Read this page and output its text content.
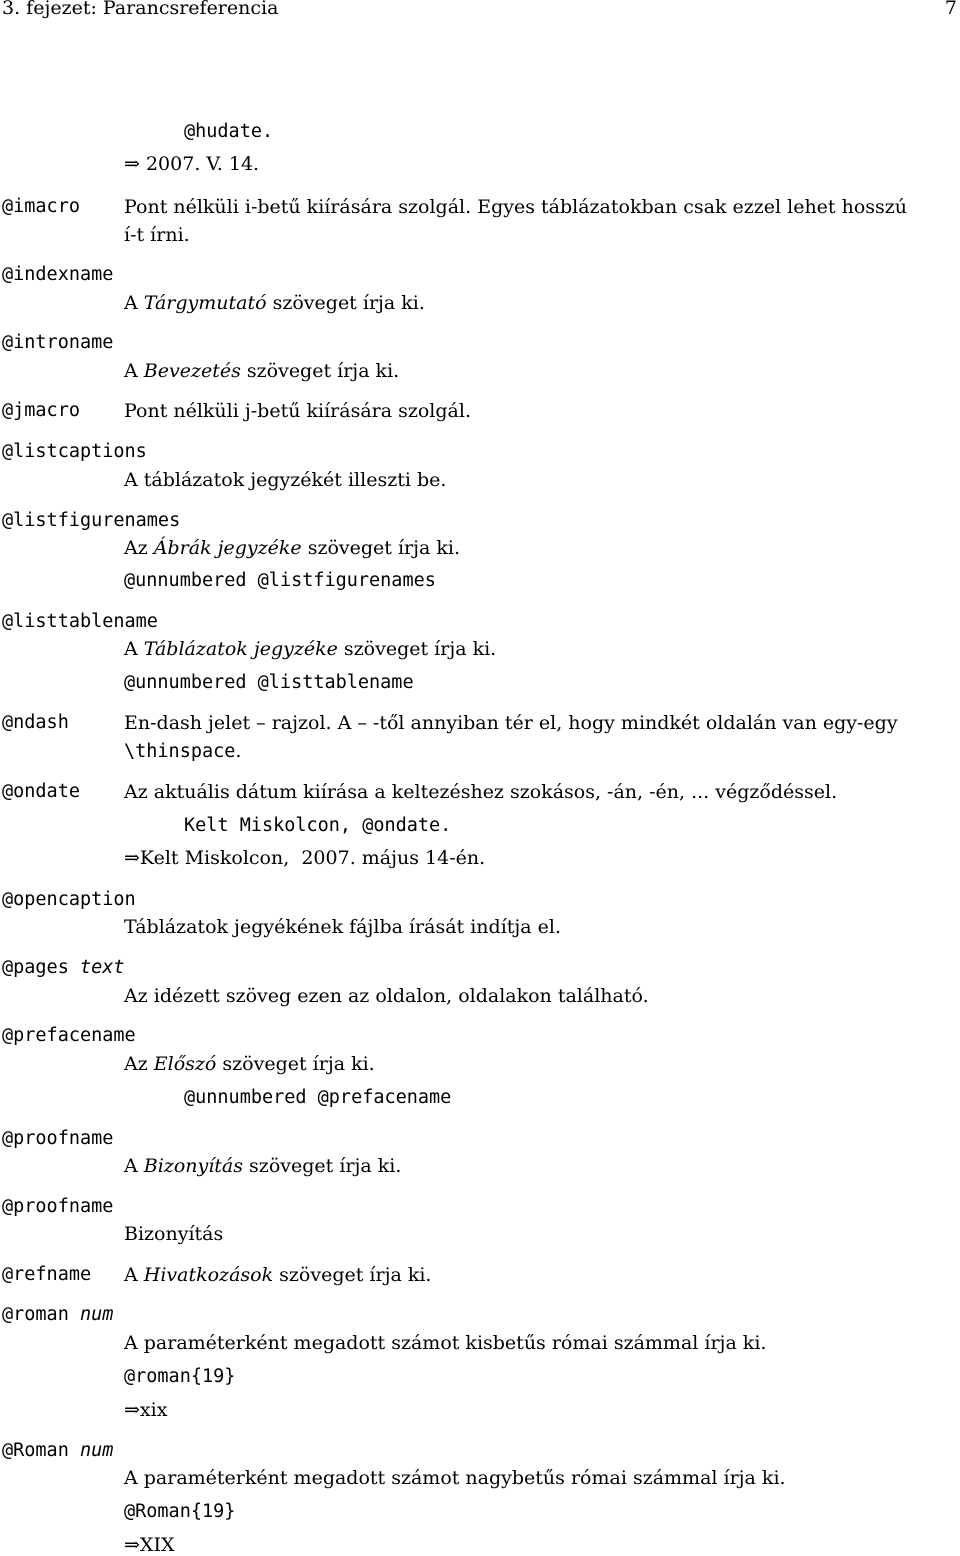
3. fejezet: Parancsreferencia	7
@hudate.
⇒ 2007. V. 14.
@imacro Pont nélküli i-betű kiírására szolgál. Egyes táblázatokban csak ezzel lehet hosszú
í-t írni.
@indexname
A Tárgymutató szöveget írja ki.
@introname
A Bevezetés szöveget írja ki.
@jmacro Pont nélküli j-betű kiírására szolgál.
@listcaptions
A táblázatok jegyzékét illeszti be.
@listfigurenames
Az Ábrák jegyzéke szöveget írja ki.
@unnumbered @listfigurenames
@listtablename
A Táblázatok jegyzéke szöveget írja ki.
@unnumbered @listtablename
@ndash	En-dash jelet – rajzol. A – -től annyiban tér el, hogy mindkét oldalán van egy-egy
\thinspace.
@ondate Az aktuális dátum kiírása a keltezéshez szokásos, -án, -én, ... végződéssel.
Kelt Miskolcon, @ondate.
⇒Kelt Miskolcon,  2007. május 14-én.
@opencaption
Táblázatok jegyékének fájlba írását indítja el.
@pages text
Az idézett szöveg ezen az oldalon, oldalakon található.
@prefacename
Az Előszó szöveget írja ki.
@unnumbered @prefacename
@proofname
A Bizonyítás szöveget írja ki.
@proofname
Bizonyítás
@refname A Hivatkozások szöveget írja ki.
@roman num
A paraméterként megadott számot kisbetűs római számmal írja ki.
@roman{19}
⇒xix
@Roman num
A paraméterként megadott számot nagybetűs római számmal írja ki.
@Roman{19}
⇒XIX
